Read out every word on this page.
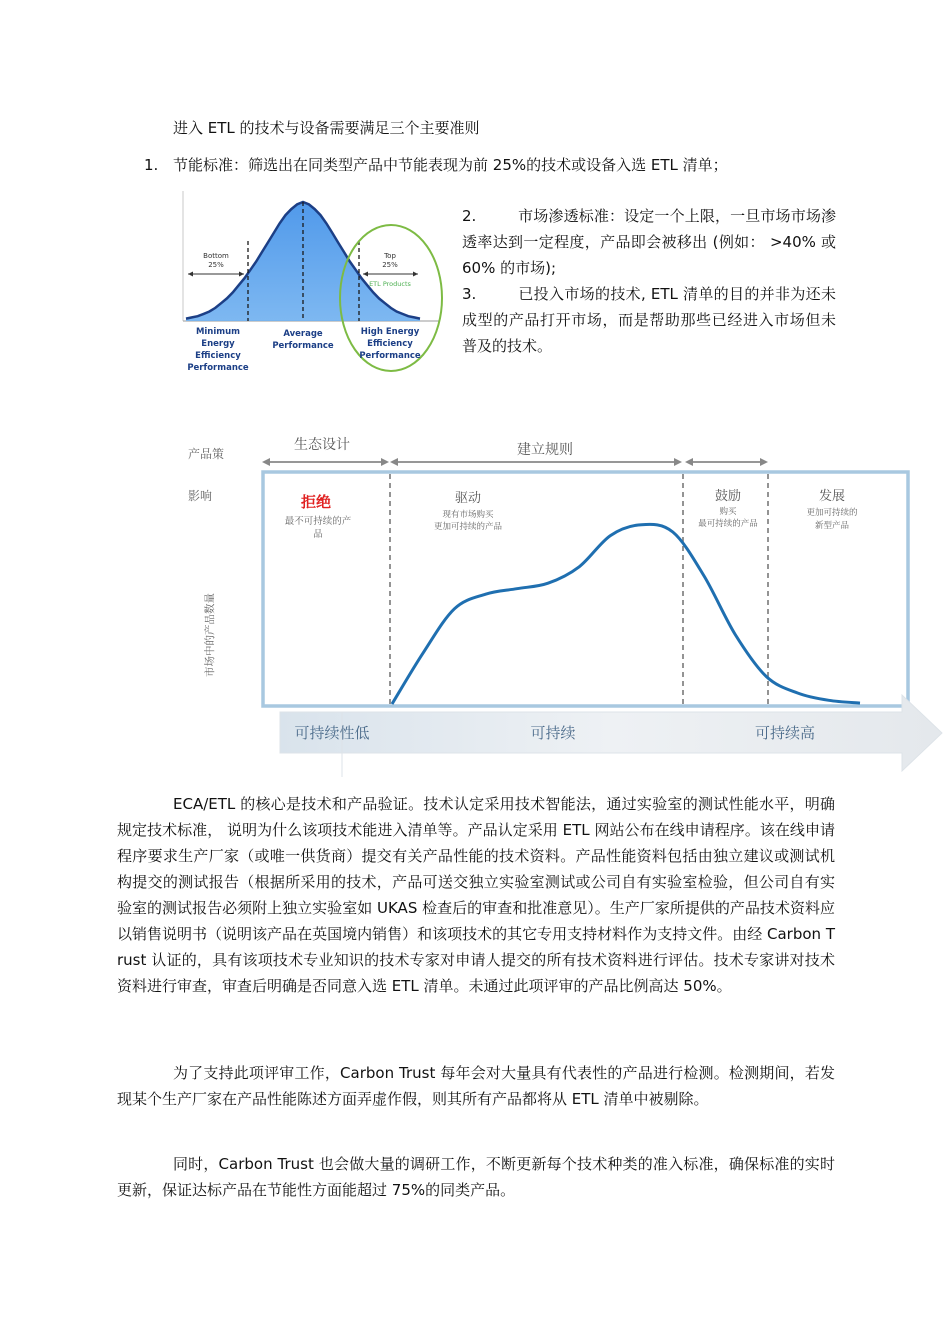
进入 ETL 的技术与设备需要满足三个主要准则
1. 节能标准：筛选出在同类型产品中节能表现为前 25%的技术或设备入选 ETL 清单；
Bottom
25%
Top
25%
ETL Products
Minimum
Energy
Efficiency
Performance
Average
Performance
High Energy
Efficiency
Performance
2.	市场渗透标准：设定一个上限，一旦市场市场渗透率达到一定程度，产品即会被移出 (例如： >40% 或 60% 的市场);
3.	已投入市场的技术, ETL 清单的目的并非为还未成型的产品打开市场，而是帮助那些已经进入市场但未普及的技术。
产品策
影响
市场中的产品数量
生态设计	建立规则
拒绝
最不可持续的产
品
驱动
现有市场购买
更加可持续的产品
鼓励
购买
最可持续的产品
发展
更加可持续的
新型产品
可持续性低	可持续	可持续高
ECA/ETL 的核心是技术和产品验证。技术认定采用技术智能法，通过实验室的测试性能水平，明确规定技术标准， 说明为什么该项技术能进入清单等。产品认定采用 ETL 网站公布在线申请程序。该在线申请程序要求生产厂家（或唯一供货商）提交有关产品性能的技术资料。产品性能资料包括由独立建议或测试机构提交的测试报告（根据所采用的技术，产品可送交独立实验室测试或公司自有实验室检验，但公司自有实验室的测试报告必须附上独立实验室如 UKAS 检查后的审查和批准意见）。生产厂家所提供的产品技术资料应以销售说明书（说明该产品在英国境内销售）和该项技术的其它专用支持材料作为支持文件。由经 Carbon Trust 认证的，具有该项技术专业知识的技术专家对申请人提交的所有技术资料进行评估。技术专家讲对技术资料进行审查，审查后明确是否同意入选 ETL 清单。未通过此项评审的产品比例高达 50%。
为了支持此项评审工作，Carbon Trust 每年会对大量具有代表性的产品进行检测。检测期间，若发现某个生产厂家在产品性能陈述方面弄虚作假，则其所有产品都将从 ETL 清单中被剔除。
同时，Carbon Trust 也会做大量的调研工作，不断更新每个技术种类的准入标准，确保标准的实时更新，保证达标产品在节能性方面能超过 75%的同类产品。
